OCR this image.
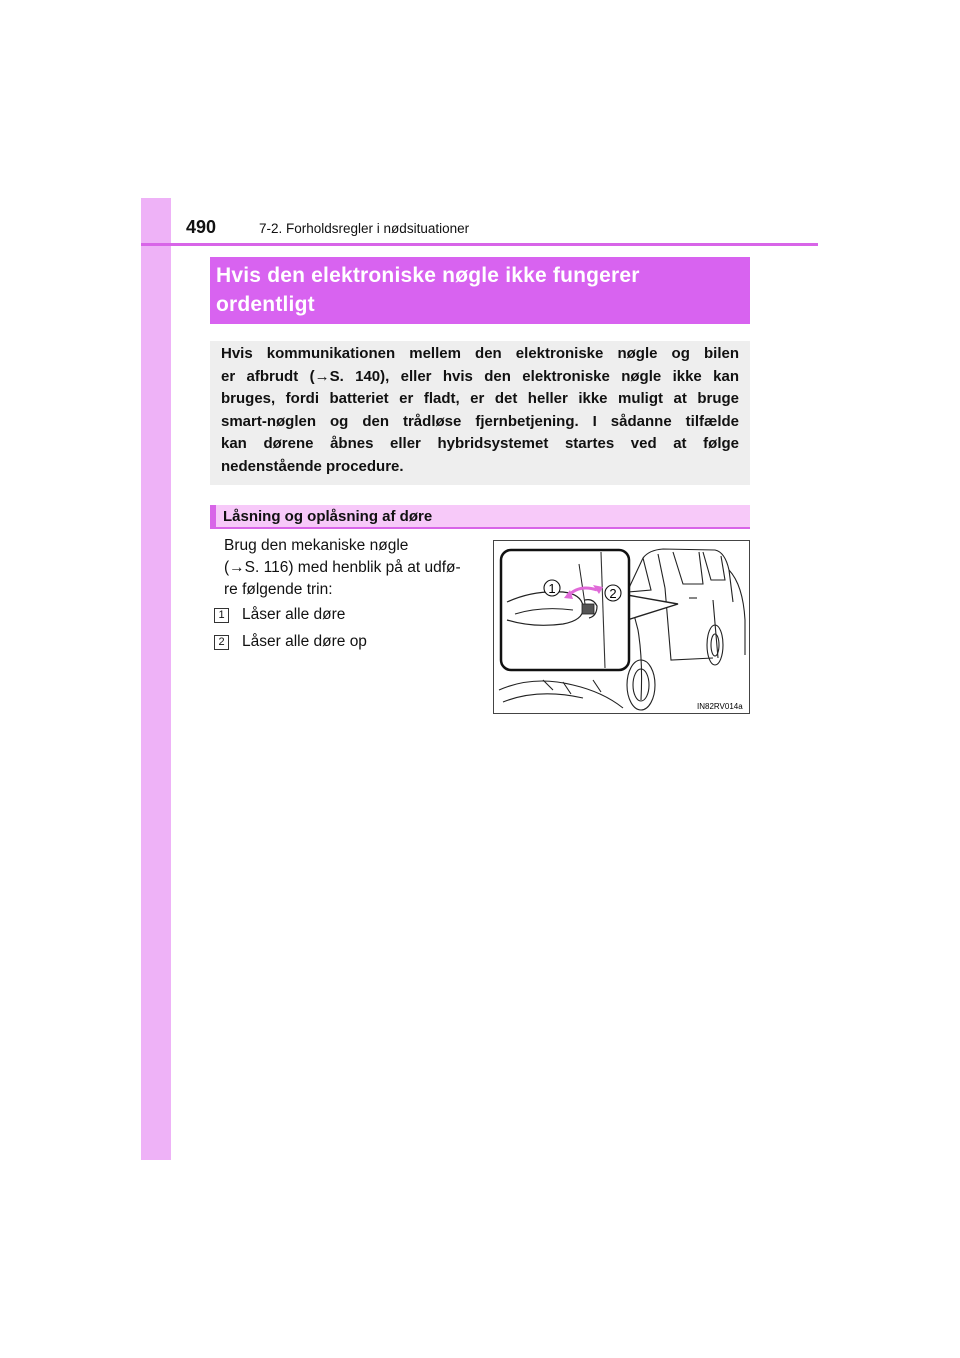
490	7-2. Forholdsregler i nødsituationer
Hvis den elektroniske nøgle ikke fungerer
ordentligt
Hvis kommunikationen mellem den elektroniske nøgle og bilen
er afbrudt (→S. 140), eller hvis den elektroniske nøgle ikke kan
bruges, fordi batteriet er fladt, er det heller ikke muligt at bruge
smart-nøglen og den trådløse fjernbetjening. I sådanne tilfælde
kan dørene åbnes eller hybridsystemet startes ved at følge
nedenstående procedure.
Låsning og oplåsning af døre
Brug den mekaniske nøgle
(→S. 116) med henblik på at udfø-
re følgende trin:
1 Låser alle døre
2 Låser alle døre op
1	2
IN82RV014a
